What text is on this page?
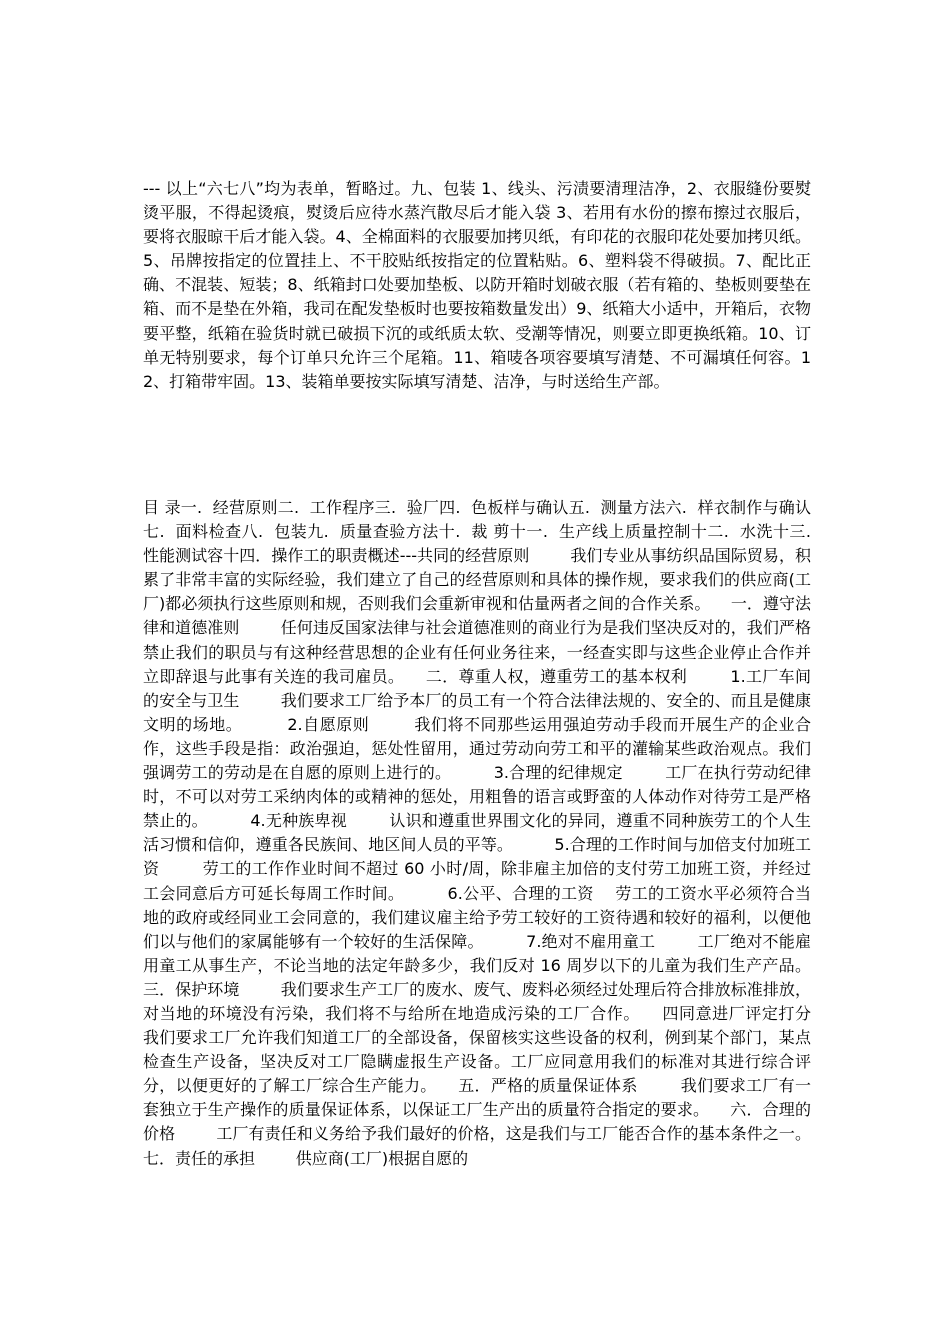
--- 以上“六七八”均为表单，暂略过。九、包装 1、线头、污渍要清理洁净，2、衣服缝份要熨烫平服，不得起烫痕，熨烫后应待水蒸汽散尽后才能入袋 3、若用有水份的擦布擦过衣服后，要将衣服晾干后才能入袋。4、全棉面料的衣服要加拷贝纸，有印花的衣服印花处要加拷贝纸。5、吊牌按指定的位置挂上、不干胶贴纸按指定的位置粘贴。6、塑料袋不得破损。7、配比正确、不混装、短装；8、纸箱封口处要加垫板、以防开箱时划破衣服（若有箱的、垫板则要垫在箱、而不是垫在外箱，我司在配发垫板时也要按箱数量发出）9、纸箱大小适中，开箱后，衣物要平整，纸箱在验货时就已破损下沉的或纸质太软、受潮等情况，则要立即更换纸箱。10、订单无特别要求，每个订单只允许三个尾箱。11、箱唛各项容要填写清楚、不可漏填任何容。12、打箱带牢固。13、装箱单要按实际填写清楚、洁净，与时送给生产部。

目 录一.  经营原则二.  工作程序三.  验厂四.  色板样与确认五.  测量方法六.  样衣制作与确认七.  面料检查八.  包装九.  质量查验方法十.  裁 剪十一.  生产线上质量控制十二.  水洗十三.  性能测试容十四．操作工的职责概述---共同的经营原则        我们专业从事纺织品国际贸易，积累了非常丰富的实际经验，我们建立了自己的经营原则和具体的操作规，要求我们的供应商(工厂)都必须执行这些原则和规，否则我们会重新审视和估量两者之间的合作关系。    一．遵守法律和道德准则        任何违反国家法律与社会道德准则的商业行为是我们坚决反对的，我们严格禁止我们的职员与有这种经营思想的企业有任何业务往来，一经查实即与这些企业停止合作并立即辞退与此事有关连的我司雇员。    二．尊重人权，遵重劳工的基本权利        1.工厂车间的安全与卫生        我们要求工厂给予本厂的员工有一个符合法律法规的、安全的、而且是健康文明的场地。        2.自愿原则        我们将不同那些运用强迫劳动手段而开展生产的企业合作，这些手段是指：政治强迫，惩处性留用，通过劳动向劳工和平的灌输某些政治观点。我们强调劳工的劳动是在自愿的原则上进行的。        3.合理的纪律规定        工厂在执行劳动纪律时，不可以对劳工采纳肉体的或精神的惩处，用粗鲁的语言或野蛮的人体动作对待劳工是严格禁止的。        4.无种族卑视        认识和遵重世界围文化的异同，遵重不同种族劳工的个人生活习惯和信仰，遵重各民族间、地区间人员的平等。        5.合理的工作时间与加倍支付加班工资        劳工的工作作业时间不超过 60 小时/周，除非雇主加倍的支付劳工加班工资，并经过工会同意后方可延长每周工作时间。        6.公平、合理的工资    劳工的工资水平必须符合当地的政府或经同业工会同意的，我们建议雇主给予劳工较好的工资待遇和较好的福利，以便他们以与他们的家属能够有一个较好的生活保障。        7.绝对不雇用童工        工厂绝对不能雇用童工从事生产，不论当地的法定年龄多少，我们反对 16 周岁以下的儿童为我们生产产品。    三．保护环境        我们要求生产工厂的废水、废气、废料必须经过处理后符合排放标准排放，对当地的环境没有污染，我们将不与给所在地造成污染的工厂合作。    四同意进厂评定打分        我们要求工厂允许我们知道工厂的全部设备，保留核实这些设备的权利，例到某个部门，某点检查生产设备，坚决反对工厂隐瞒虚报生产设备。工厂应同意用我们的标准对其进行综合评分，以便更好的了解工厂综合生产能力。    五．严格的质量保证体系        我们要求工厂有一套独立于生产操作的质量保证体系，以保证工厂生产出的质量符合指定的要求。    六．合理的价格        工厂有责任和义务给予我们最好的价格，这是我们与工厂能否合作的基本条件之一。    七．责任的承担        供应商(工厂)根据自愿的
